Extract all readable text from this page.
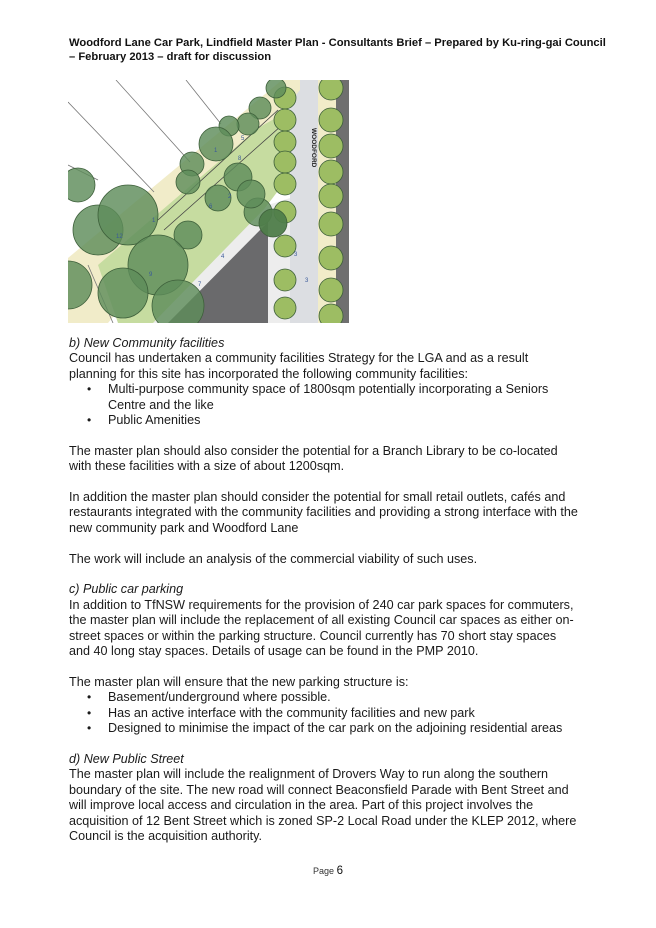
Woodford Lane Car Park, Lindfield Master Plan - Consultants Brief – Prepared by Ku-ring-gai Council
– February 2013 – draft for discussion
1
2
3
4
5
6
7
8
9
12
1
3
WOODFORD
b) New Community facilities
Council has undertaken a community facilities Strategy for the LGA and as a result
planning for this site has incorporated the following community facilities:
• Multi-purpose community space of 1800sqm potentially incorporating a Seniors
Centre and the like
• Public Amenities
The master plan should also consider the potential for a Branch Library to be co-located
with these facilities with a size of about 1200sqm.
In addition the master plan should consider the potential for small retail outlets, cafés and
restaurants integrated with the community facilities and providing a strong interface with the
new community park and Woodford Lane
The work will include an analysis of the commercial viability of such uses.
c) Public car parking
In addition to TfNSW requirements for the provision of 240 car park spaces for commuters,
the master plan will include the replacement of all existing Council car spaces as either on-
street spaces or within the parking structure. Council currently has 70 short stay spaces
and 40 long stay spaces. Details of usage can be found in the PMP 2010.
The master plan will ensure that the new parking structure is:
• Basement/underground where possible.
• Has an active interface with the community facilities and new park
• Designed to minimise the impact of the car park on the adjoining residential areas
d) New Public Street
The master plan will include the realignment of Drovers Way to run along the southern
boundary of the site. The new road will connect Beaconsfield Parade with Bent Street and
will improve local access and circulation in the area. Part of this project involves the
acquisition of 12 Bent Street which is zoned SP-2 Local Road under the KLEP 2012, where
Council is the acquisition authority.
Page 6
